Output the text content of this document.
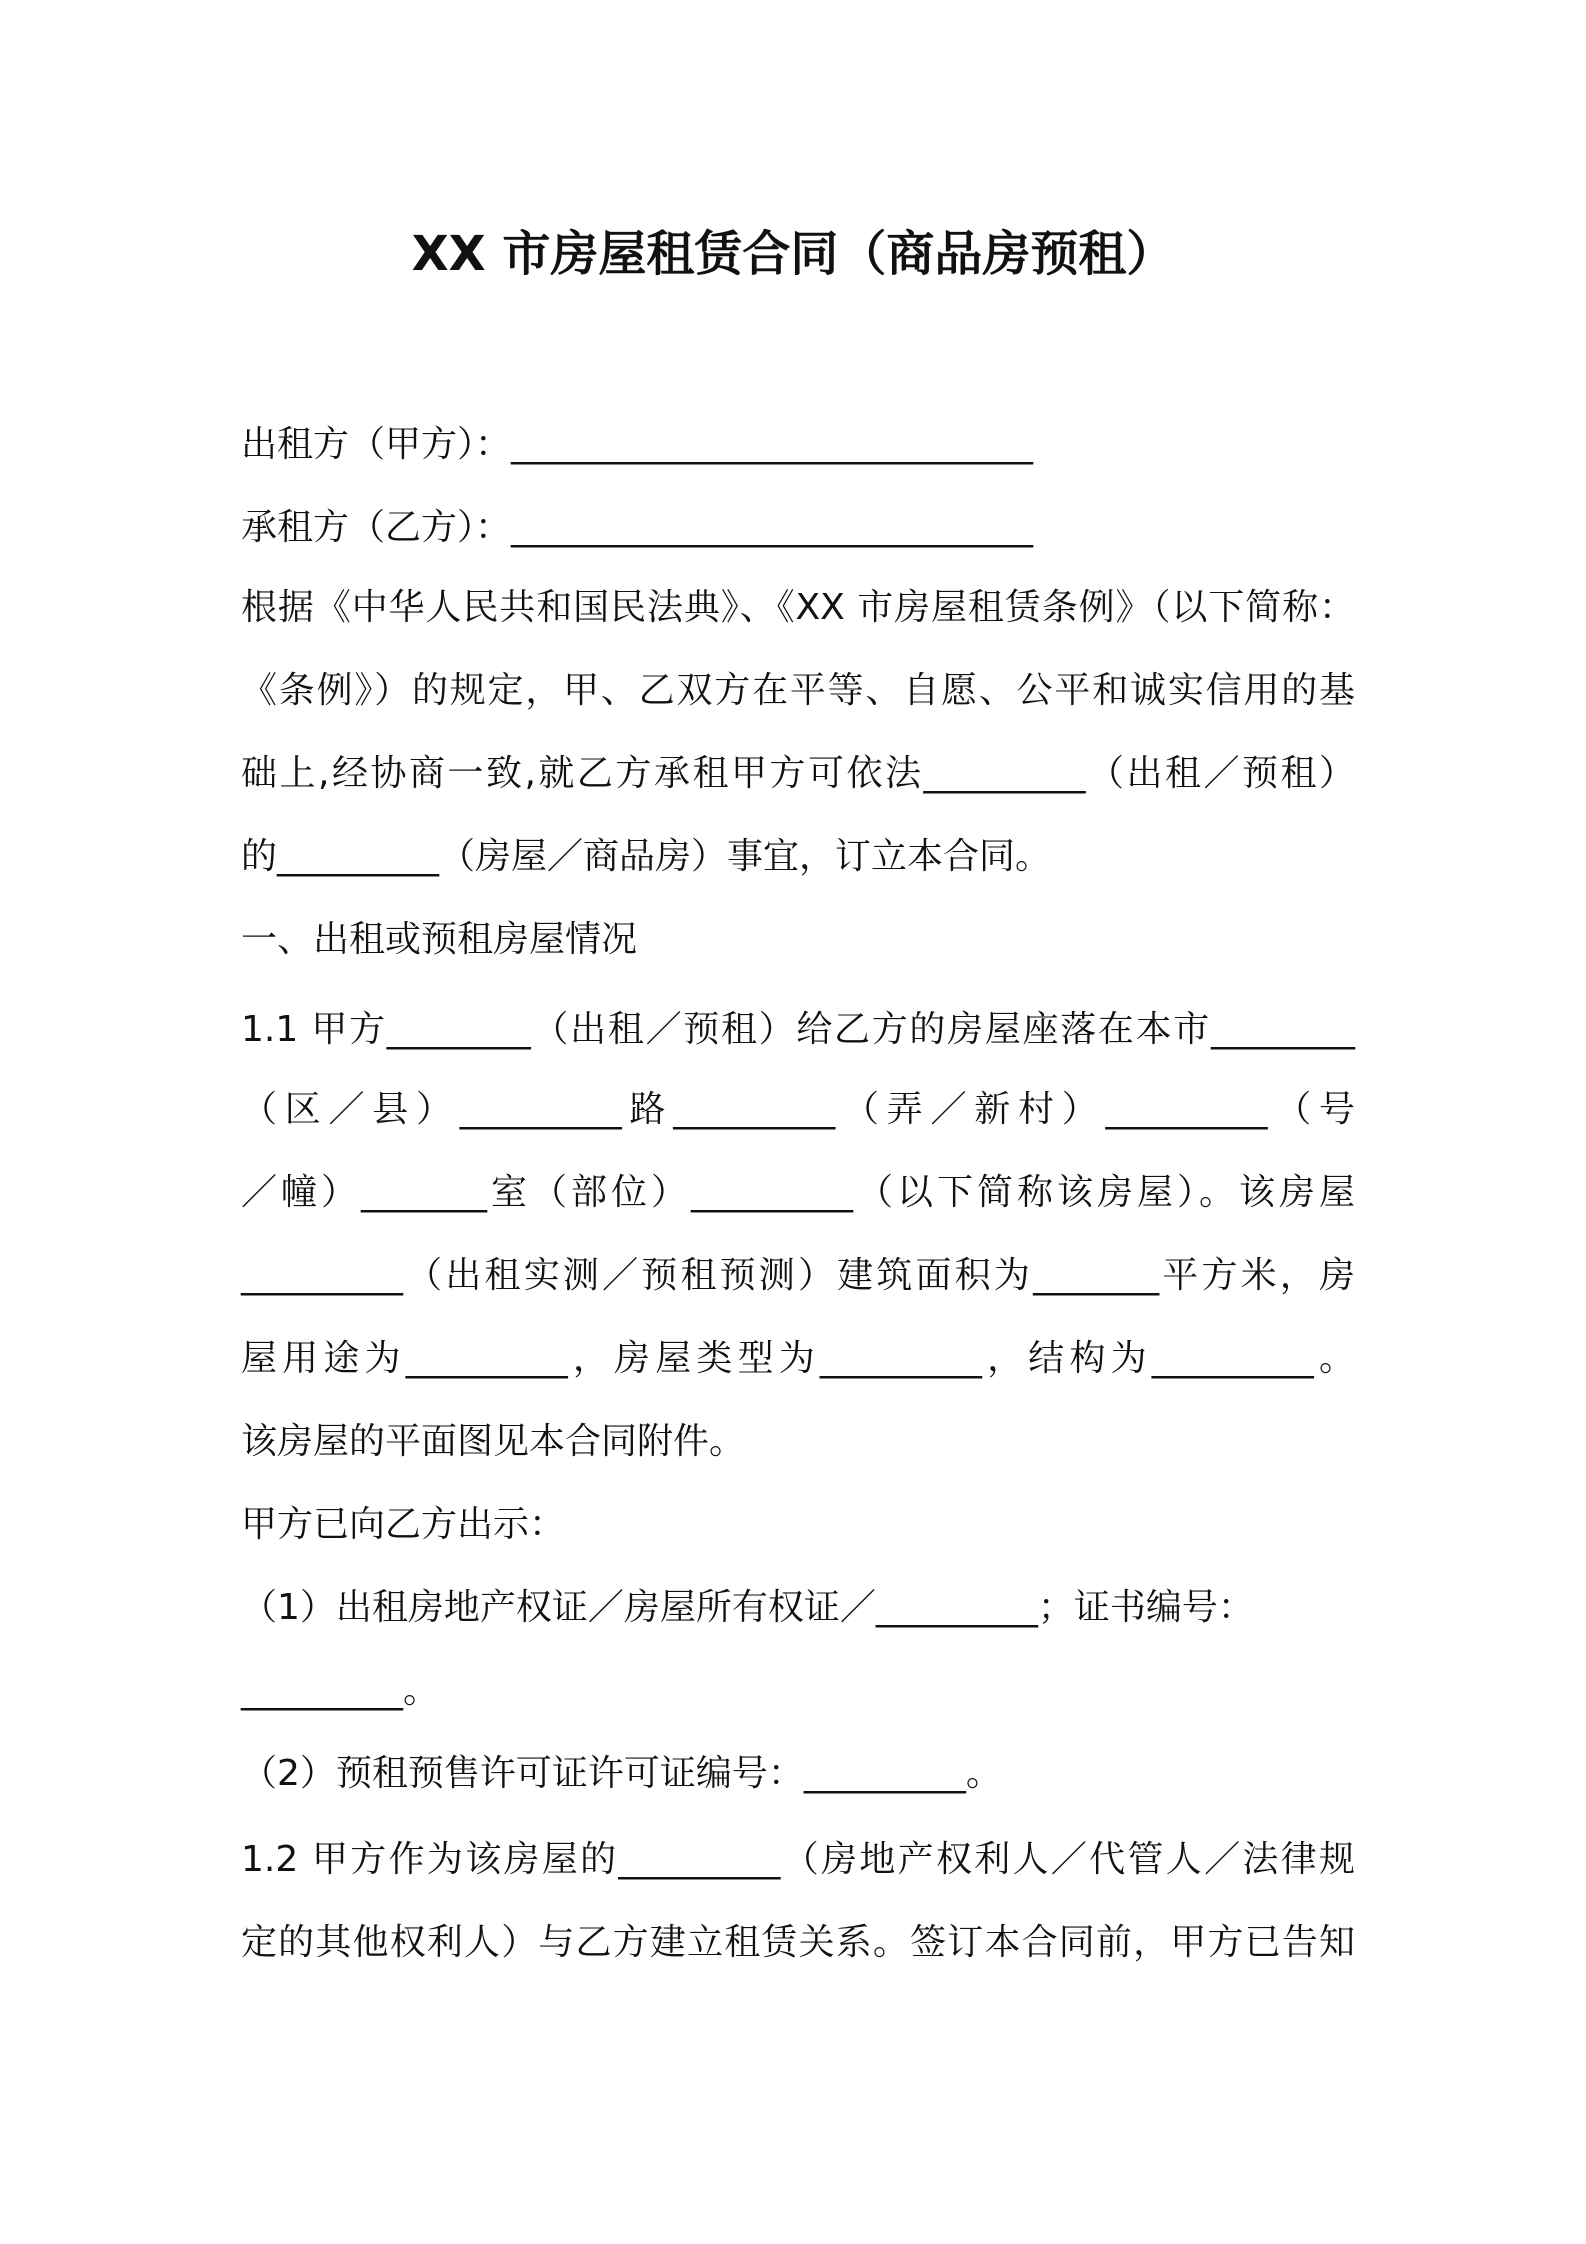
XX 市房屋租赁合同（商品房预租）
出租方（甲方）：_____________________________
承租方（乙方）：_____________________________
根据《中华人民共和国民法典》、《XX 市房屋租赁条例》（以下简称：
《条例》）的规定，甲、乙双方在平等、自愿、公平和诚实信用的基
础上,经协商一致,就乙方承租甲方可依法_________（出租／预租）
的_________（房屋／商品房）事宜，订立本合同。
一、出租或预租房屋情况
1.1 甲方________（出租／预租）给乙方的房屋座落在本市________
（区／县）_________路_________（弄／新村）_________（号
／幢）_______室（部位）_________（以下简称该房屋）。该房屋
_________（出租实测／预租预测）建筑面积为_______平方米，房
屋用途为_________，房屋类型为_________，结构为_________。
该房屋的平面图见本合同附件。
甲方已向乙方出示：
（1）出租房地产权证／房屋所有权证／_________；证书编号：
_________。
（2）预租预售许可证许可证编号：_________。
1.2 甲方作为该房屋的_________（房地产权利人／代管人／法律规
定的其他权利人）与乙方建立租赁关系。签订本合同前，甲方已告知
